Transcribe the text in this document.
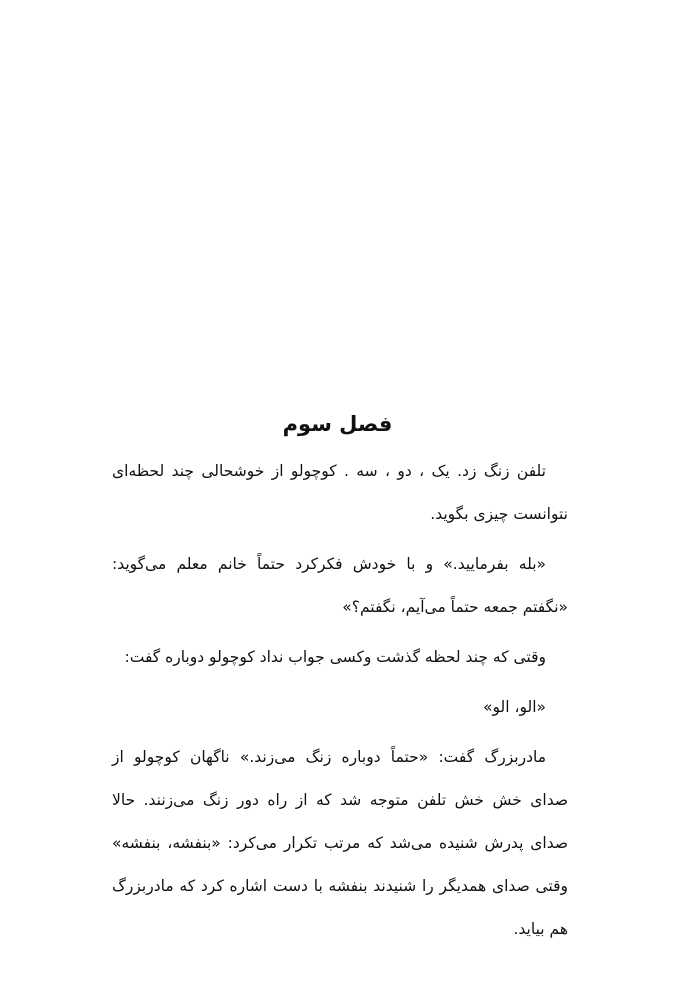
فصل سوم

تلفن زنگ زد. یک ، دو ، سه . کوچولو از خوشحالی چند لحظه‌ای نتوانست چیزی بگوید.

«بله بفرمایید.» و با خودش فکرکرد حتماً خانم معلم می‌گوید: «نگفتم جمعه حتماً می‌آیم، نگفتم؟»

وقتی که چند لحظه گذشت وکسی جواب نداد کوچولو دوباره گفت:

«الو، الو»

مادربزرگ گفت: «حتماً دوباره زنگ می‌زند.» ناگهان کوچولو از صدای خش خش تلفن متوجه شد که از راه دور زنگ می‌زنند. حالا صدای پدرش شنیده می‌شد که مرتب تکرار می‌کرد: «بنفشه، بنفشه» وقتی صدای همدیگر را شنیدند بنفشه با دست اشاره کرد که مادربزرگ هم بیاید.
